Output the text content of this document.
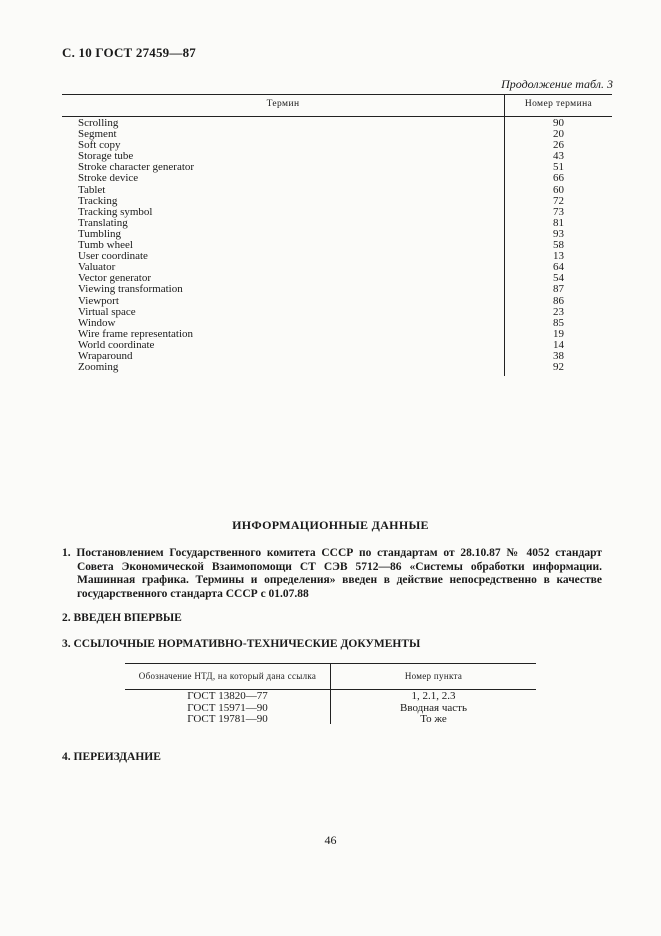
С. 10 ГОСТ 27459—87
Продолжение табл. 3
Термин	Номер термина
Scrolling	90
Segment	20
Soft copy	26
Storage tube	43
Stroke character generator	51
Stroke device	66
Tablet	60
Tracking	72
Tracking symbol	73
Translating	81
Tumbling	93
Tumb wheel	58
User coordinate	13
Valuator	64
Vector generator	54
Viewing transformation	87
Viewport	86
Virtual space	23
Window	85
Wire frame representation	19
World coordinate	14
Wraparound	38
Zooming	92
ИНФОРМАЦИОННЫЕ ДАННЫЕ
1. Постановлением Государственного комитета СССР по стандартам от 28.10.87 № 4052 стандарт Совета Экономической Взаимопомощи СТ СЭВ 5712—86 «Системы обработки информации. Машинная графика. Термины и определения» введен в действие непосредственно в качестве государственного стандарта СССР с 01.07.88
2. ВВЕДЕН ВПЕРВЫЕ
3. ССЫЛОЧНЫЕ НОРМАТИВНО-ТЕХНИЧЕСКИЕ ДОКУМЕНТЫ
Обозначение НТД, на который дана ссылка	Номер пункта
ГОСТ 13820—77	1, 2.1, 2.3
ГОСТ 15971—90	Вводная часть
ГОСТ 19781—90	То же
4. ПЕРЕИЗДАНИЕ
46
